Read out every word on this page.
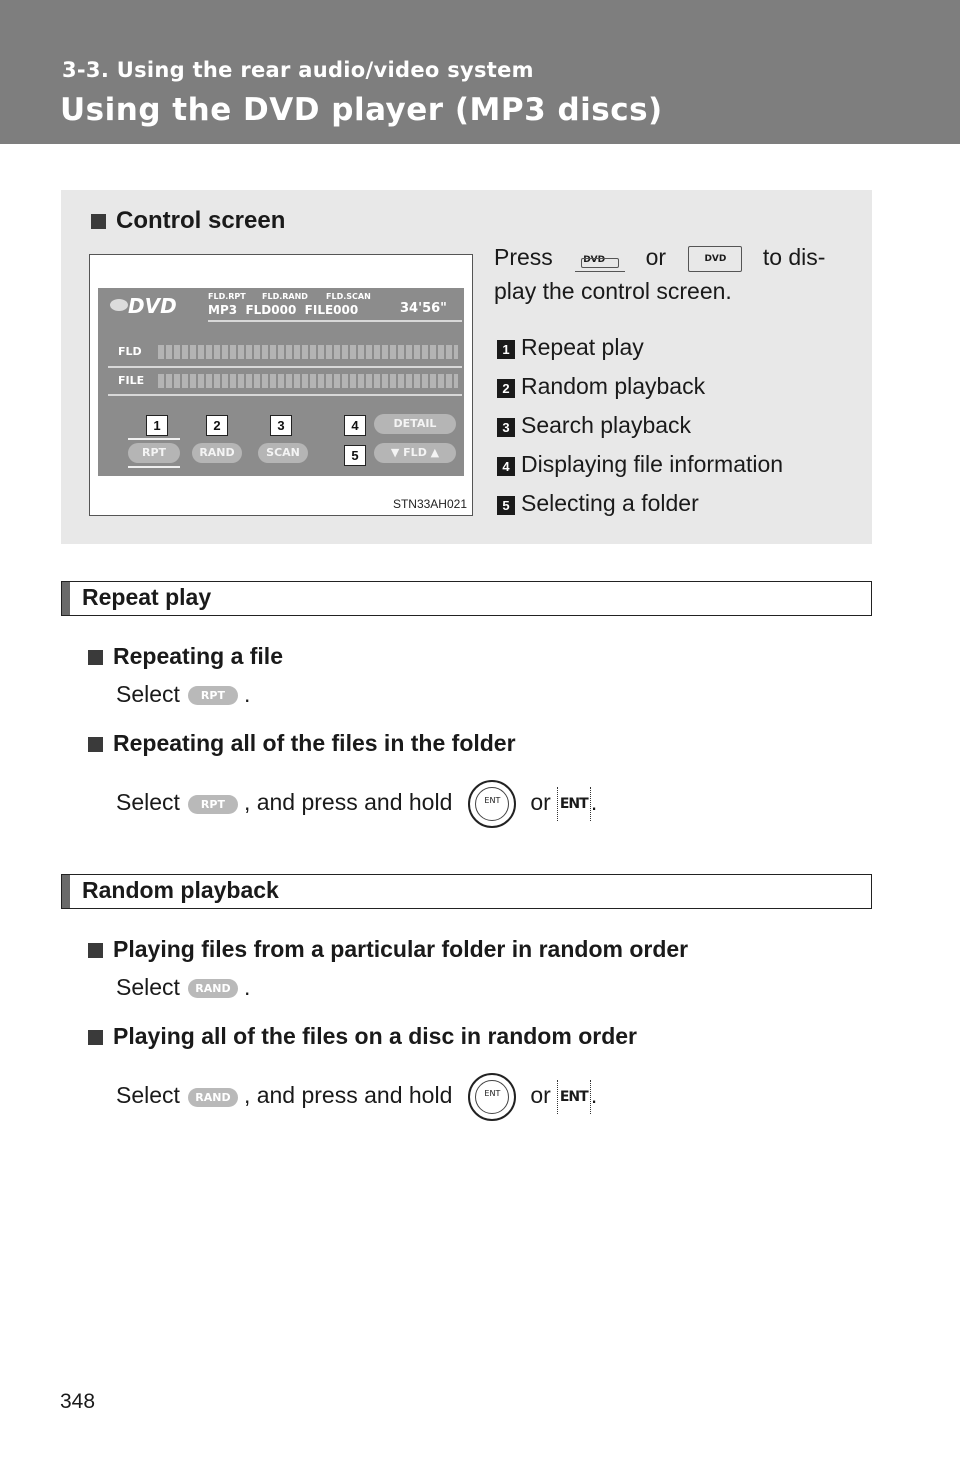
3-3. Using the rear audio/video system
Using the DVD player (MP3 discs)
Control screen
DVD	FLD.RPT FLD.RAND FLD.SCAN
MP3  FLD000  FILE000	34'56"
FLD
FILE
1	2	3	4
5
RPT	RAND	SCAN
DETAIL
▼ FLD ▲
STN33AH021
Press	DVD or	DVD to dis-
play the control screen.
1 Repeat play
2 Random playback
3 Search playback
4 Displaying file information
5 Selecting a folder
Repeat play
Repeating a file
Select RPT .
Repeating all of the files in the folder
Select RPT , and press and hold	ENT	or ENT .
Random playback
Playing files from a particular folder in random order
Select RAND .
Playing all of the files on a disc in random order
Select RAND , and press and hold	ENT	or ENT .
348
